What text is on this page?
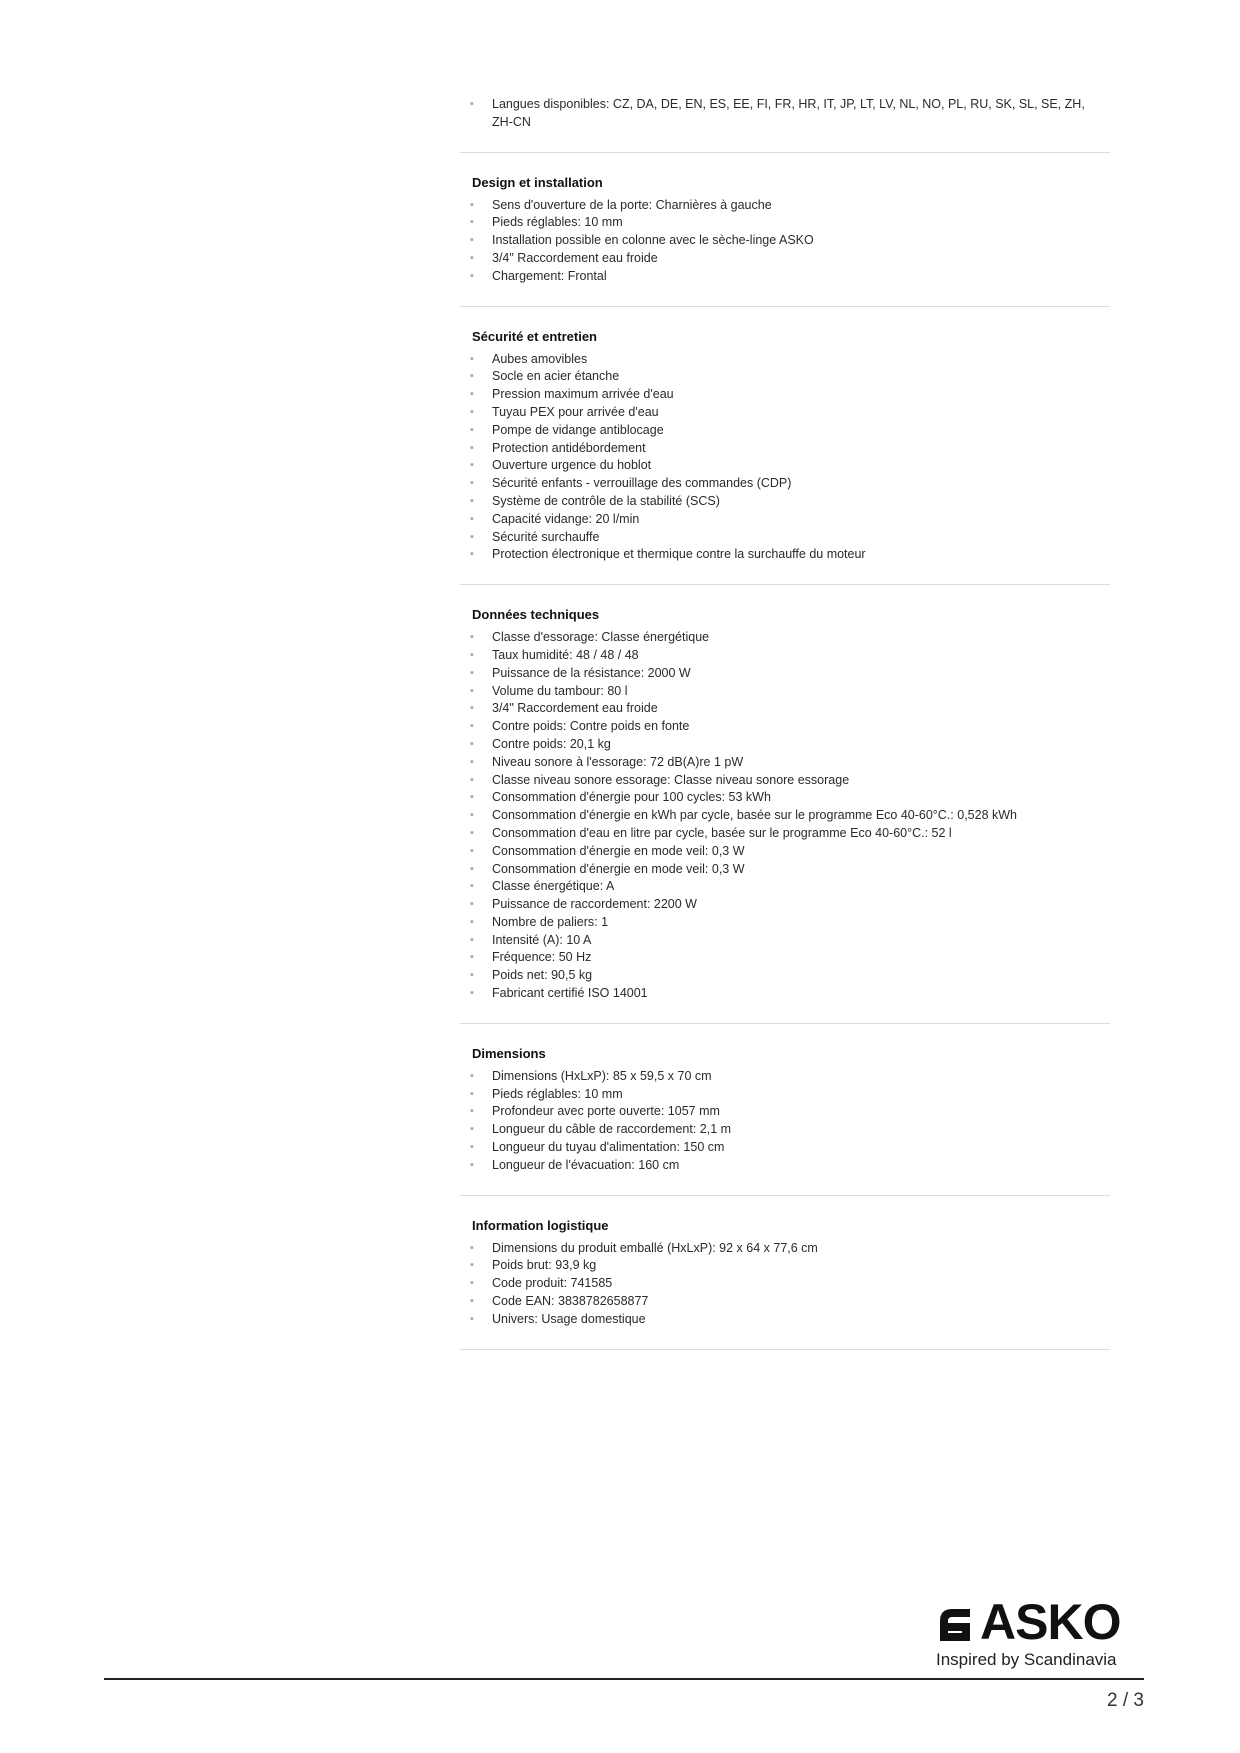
▪ Langues disponibles: CZ, DA, DE, EN, ES, EE, FI, FR, HR, IT, JP, LT, LV, NL, NO, PL, RU, SK, SL, SE, ZH, ZH-CN
Design et installation
▪ Sens d'ouverture de la porte: Charnières à gauche
▪ Pieds réglables: 10 mm
▪ Installation possible en colonne avec le sèche-linge ASKO
▪ 3/4" Raccordement eau froide
▪ Chargement: Frontal
Sécurité et entretien
▪ Aubes amovibles
▪ Socle en acier étanche
▪ Pression maximum arrivée d'eau
▪ Tuyau PEX pour arrivée d'eau
▪ Pompe de vidange antiblocage
▪ Protection antidébordement
▪ Ouverture urgence du hoblot
▪ Sécurité enfants - verrouillage des commandes (CDP)
▪ Système de contrôle de la stabilité (SCS)
▪ Capacité vidange: 20 l/min
▪ Sécurité surchauffe
▪ Protection électronique et thermique contre la surchauffe du moteur
Données techniques
▪ Classe d'essorage: Classe énergétique
▪ Taux humidité: 48 / 48 / 48
▪ Puissance de la résistance: 2000 W
▪ Volume du tambour: 80 l
▪ 3/4" Raccordement eau froide
▪ Contre poids: Contre poids en fonte
▪ Contre poids: 20,1 kg
▪ Niveau sonore à l'essorage: 72 dB(A)re 1 pW
▪ Classe niveau sonore essorage: Classe niveau sonore essorage
▪ Consommation d'énergie pour 100 cycles: 53 kWh
▪ Consommation d'énergie en kWh par cycle, basée sur le programme Eco 40-60°C.: 0,528 kWh
▪ Consommation d'eau en litre par cycle, basée sur le programme Eco 40-60°C.: 52 l
▪ Consommation d'énergie en mode veil: 0,3 W
▪ Consommation d'énergie en mode veil: 0,3 W
▪ Classe énergétique: A
▪ Puissance de raccordement: 2200 W
▪ Nombre de paliers: 1
▪ Intensité (A): 10 A
▪ Fréquence: 50 Hz
▪ Poids net: 90,5 kg
▪ Fabricant certifié ISO 14001
Dimensions
▪ Dimensions (HxLxP): 85 x 59,5 x 70 cm
▪ Pieds réglables: 10 mm
▪ Profondeur avec porte ouverte: 1057 mm
▪ Longueur du câble de raccordement: 2,1 m
▪ Longueur du tuyau d'alimentation: 150 cm
▪ Longueur de l'évacuation: 160 cm
Information logistique
▪ Dimensions du produit emballé (HxLxP): 92 x 64 x 77,6 cm
▪ Poids brut: 93,9 kg
▪ Code produit: 741585
▪ Code EAN: 3838782658877
▪ Univers: Usage domestique
ASKO
Inspired by Scandinavia
2 / 3
